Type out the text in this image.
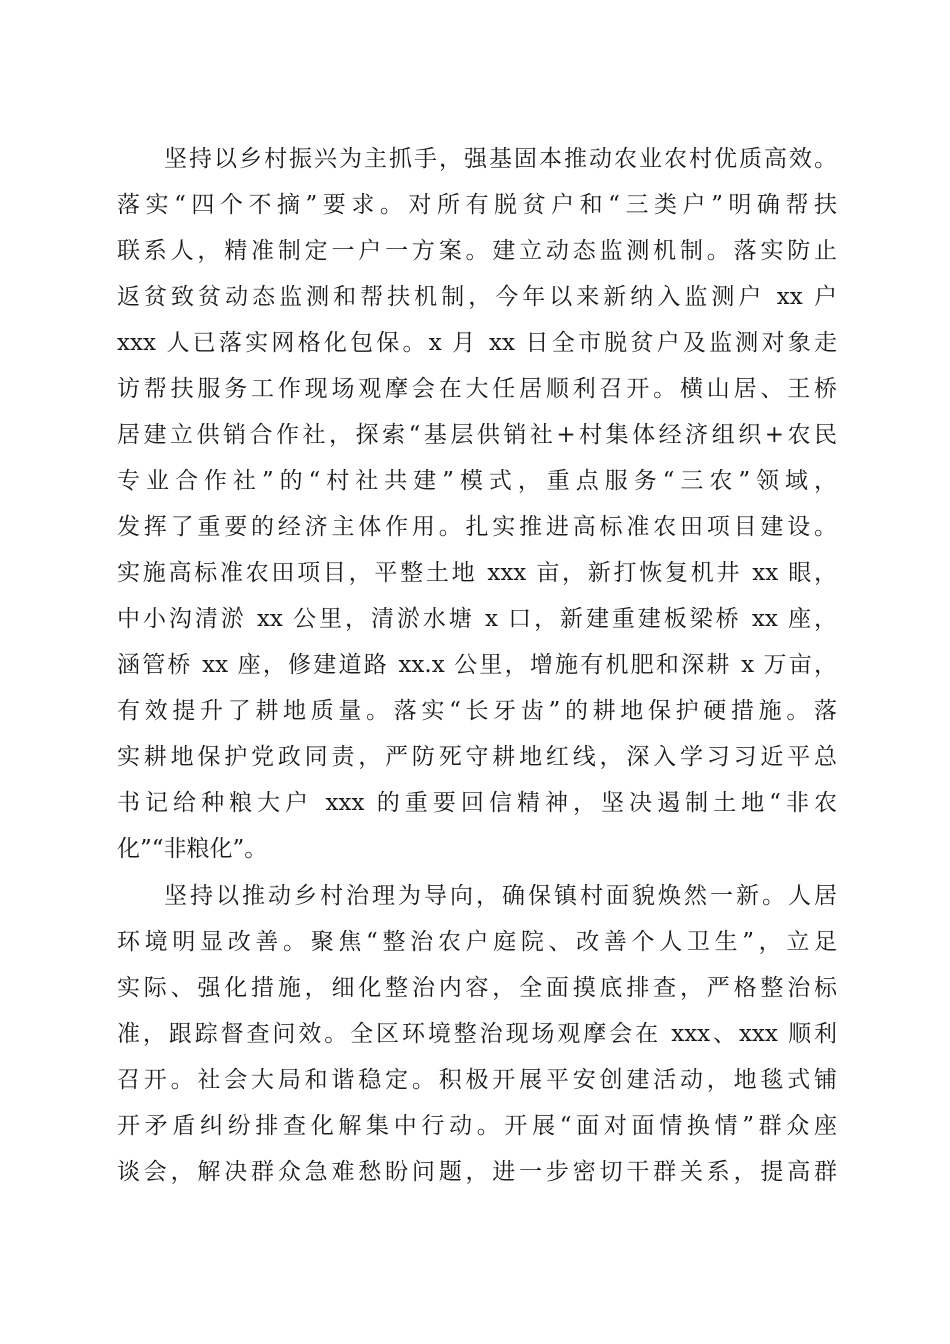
坚持以乡村振兴为主抓手，强基固本推动农业农村优质高效。

落实“四个不摘”要求。对所有脱贫户和“三类户”明确帮扶

联系人，精准制定一户一方案。建立动态监测机制。落实防止

返贫致贫动态监测和帮扶机制，今年以来新纳入监测户 xx 户

xxx 人已落实网格化包保。x 月 xx 日全市脱贫户及监测对象走

访帮扶服务工作现场观摩会在大任居顺利召开。横山居、王桥

居建立供销合作社，探索“基层供销社+村集体经济组织+农民

专业合作社”的“村社共建”模式，重点服务“三农”领域，

发挥了重要的经济主体作用。扎实推进高标准农田项目建设。

实施高标准农田项目，平整土地 xxx 亩，新打恢复机井 xx 眼，

中小沟清淤 xx 公里，清淤水塘 x 口，新建重建板梁桥 xx 座，

涵管桥 xx 座，修建道路 xx.x 公里，增施有机肥和深耕 x 万亩，

有效提升了耕地质量。落实“长牙齿”的耕地保护硬措施。落

实耕地保护党政同责，严防死守耕地红线，深入学习习近平总

书记给种粮大户 xxx 的重要回信精神，坚决遏制土地“非农

化”“非粮化”。

坚持以推动乡村治理为导向，确保镇村面貌焕然一新。人居

环境明显改善。聚焦“整治农户庭院、改善个人卫生”，立足

实际、强化措施，细化整治内容，全面摸底排查，严格整治标

准，跟踪督查问效。全区环境整治现场观摩会在 xxx、xxx 顺利

召开。社会大局和谐稳定。积极开展平安创建活动，地毯式铺

开矛盾纠纷排查化解集中行动。开展“面对面情换情”群众座

谈会，解决群众急难愁盼问题，进一步密切干群关系，提高群
